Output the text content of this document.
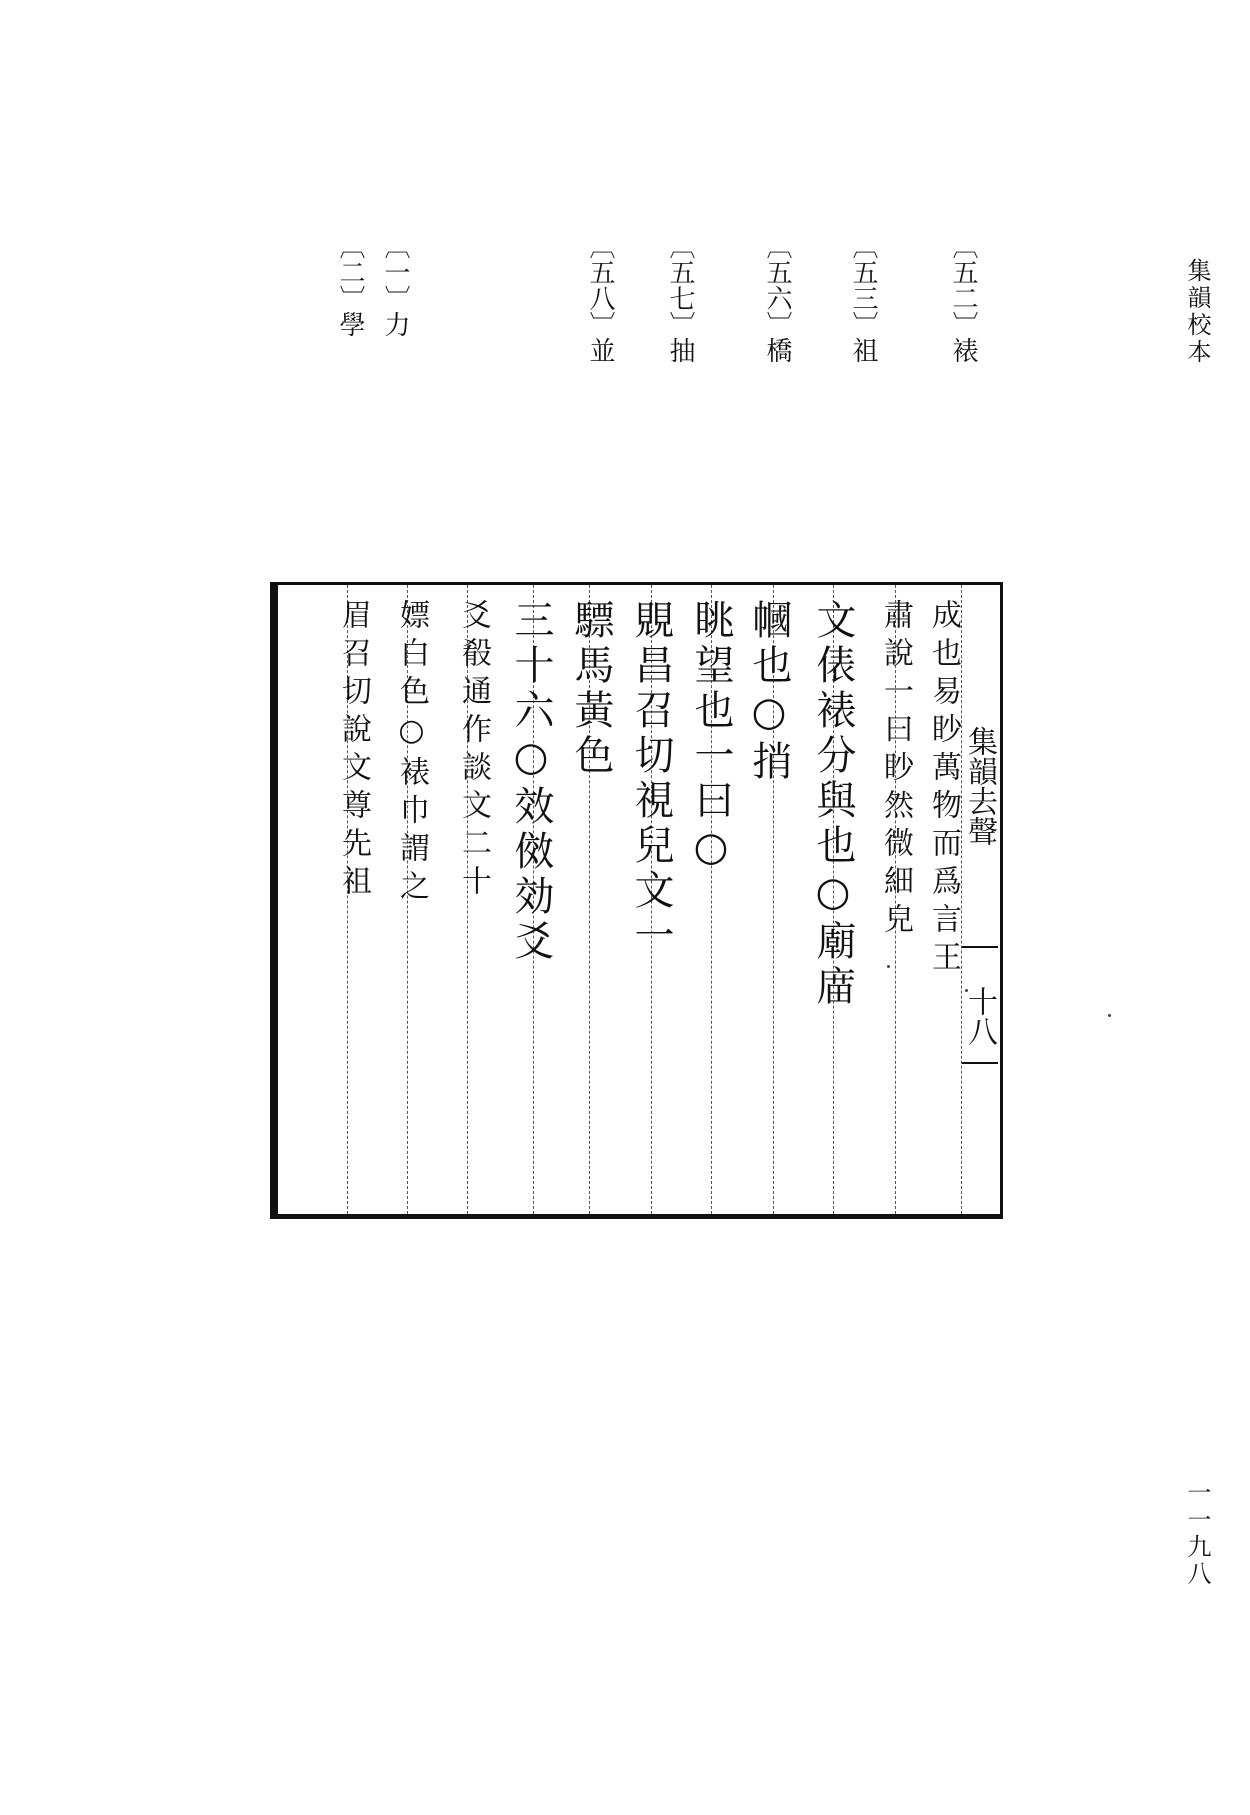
集韻校本
〔五二〕裱
〔五三〕祖
〔五六〕橋
〔五七〕抽
〔五八〕並
〔一〕力
〔二〕學
成也易眇萬物而爲言王
肅說一曰眇然微細皃
文俵裱分與也○廟庿
幗也○捎
眺望也一曰○
覞昌召切視兒文一
驃馬黃色
三十六○效傚効爻
爻殽通作談文二十
嫖白色○裱巾謂之
眉召切說文尊先祖	集韻去聲
十八
一一九八
